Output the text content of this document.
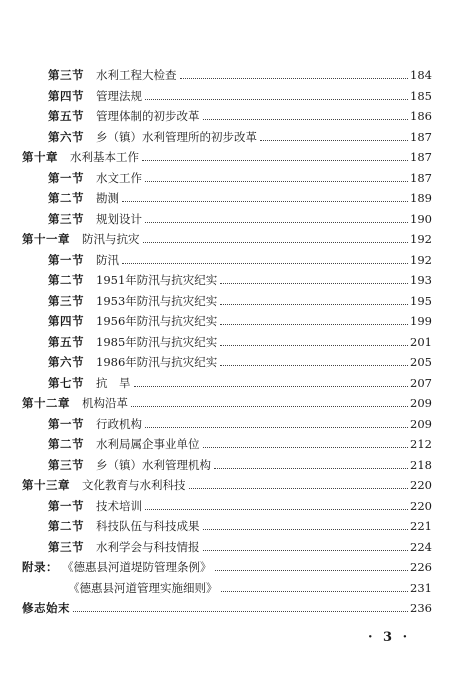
第三节	水利工程大检查	184
第四节	管理法规	185
第五节	管理体制的初步改革	186
第六节	乡（镇）水利管理所的初步改革	187
第十章	水利基本工作	187
第一节	水文工作	187
第二节	勘测	189
第三节	规划设计	190
第十一章	防汛与抗灾	192
第一节	防汛	192
第二节	1951年防汛与抗灾纪实	193
第三节	1953年防汛与抗灾纪实	195
第四节	1956年防汛与抗灾纪实	199
第五节	1985年防汛与抗灾纪实	201
第六节	1986年防汛与抗灾纪实	205
第七节	抗　旱	207
第十二章	机构沿革	209
第一节	行政机构	209
第二节	水利局属企事业单位	212
第三节	乡（镇）水利管理机构	218
第十三章	文化教育与水利科技	220
第一节	技术培训	220
第二节	科技队伍与科技成果	221
第三节	水利学会与科技情报	224
附录： 《德惠县河道堤防管理条例》	226
《德惠县河道管理实施细则》	231
修志始末	236
· 3 ·
